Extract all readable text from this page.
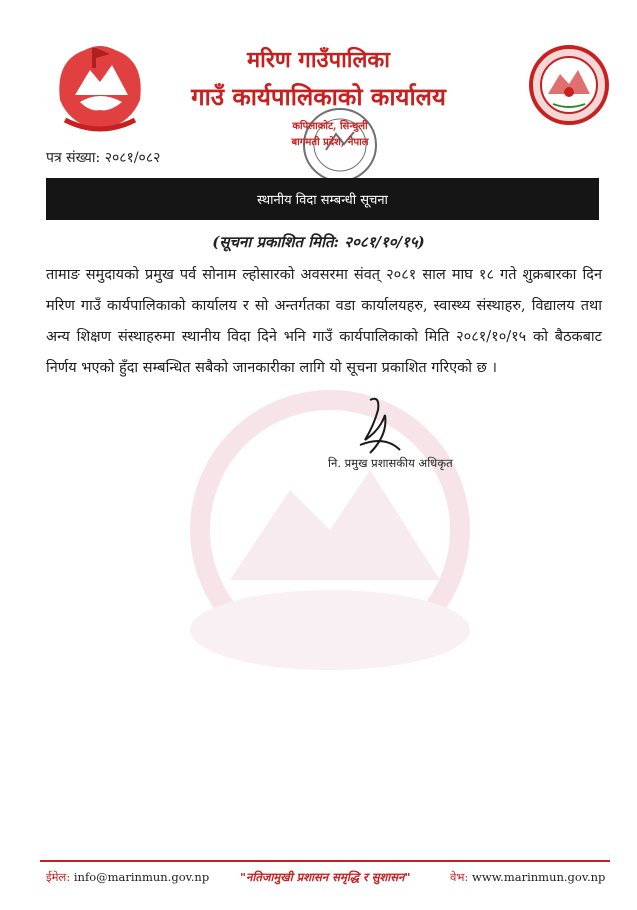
मरिण गाउँपालिका
गाउँ कार्यपालिकाको कार्यालय
कपिलाकोट, सिन्धुली
बागमती प्रदेश, नेपाल
पत्र संख्या: २०८१/०८२
स्थानीय विदा सम्बन्धी सूचना
(सूचना प्रकाशित मिति: २०८१/१०/१५)
तामाङ समुदायको प्रमुख पर्व सोनाम ल्होसारको अवसरमा संवत् २०८१ साल माघ १८ गते शुक्रबारका दिन मरिण गाउँ कार्यपालिकाको कार्यालय र सो अन्तर्गतका वडा कार्यालयहरु, स्वास्थ्य संस्थाहरु, विद्यालय तथा अन्य शिक्षण संस्थाहरुमा स्थानीय विदा दिने भनि गाउँ कार्यपालिकाको मिति २०८१/१०/१५ को बैठकबाट निर्णय भएको हुँदा सम्बन्धित सबैको जानकारीका लागि यो सूचना प्रकाशित गरिएको छ ।
नि. प्रमुख प्रशासकीय अधिकृत
ईमेल: info@marinmun.gov.np	"नतिजामुखी प्रशासन समृद्धि र सुशासन"	वेभ: www.marinmun.gov.np
